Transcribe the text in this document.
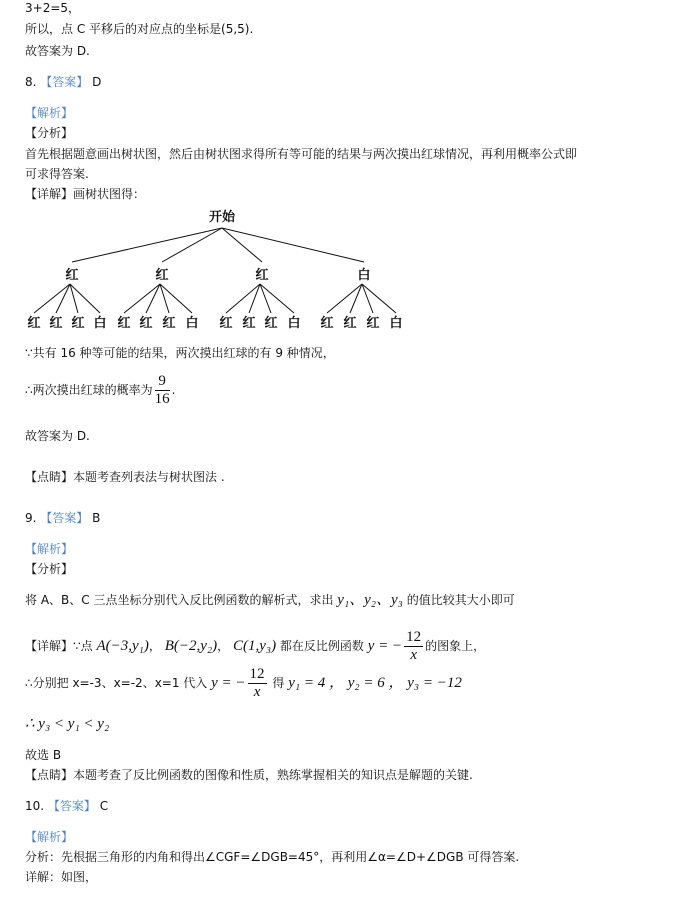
3+2=5，
所以，点 C 平移后的对应点的坐标是(5,5).
故答案为 D.
8. 【答案】 D
【解析】
【分析】
首先根据题意画出树状图，然后由树状图求得所有等可能的结果与两次摸出红球情况，再利用概率公式即
可求得答案.
【详解】画树状图得：
开始
红	红	红	白
红 红 红 白 红 红 红 白 红 红 红 白 红 红 红 白
∵共有 16 种等可能的结果，两次摸出红球的有 9 种情况，
∴两次摸出红球的概率为 $\frac{9}{16}$ .
故答案为 D.
【点睛】本题考查列表法与树状图法 .
9. 【答案】 B
【解析】
【分析】
将 A、B、C 三点坐标分别代入反比例函数的解析式，求出 y₁、y₂、y₃ 的值比较其大小即可
【详解】∵点 A(−3,y₁)， B(−2,y₂)， C(1,y₃) 都在反比例函数 y = − $\frac{12}{x}$ 的图象上，
∴分别把 x=-3、x=-2、x=1 代入 y = − $\frac{12}{x}$ 得 y₁ = 4 ， y₂ = 6 ， y₃ = −12
∴ y₃ < y₁ < y₂
故选 B
【点睛】本题考查了反比例函数的图像和性质，熟练掌握相关的知识点是解题的关键.
10. 【答案】 C
【解析】
分析：先根据三角形的内角和得出∠CGF=∠DGB=45°，再利用∠α=∠D+∠DGB 可得答案.
详解：如图，
